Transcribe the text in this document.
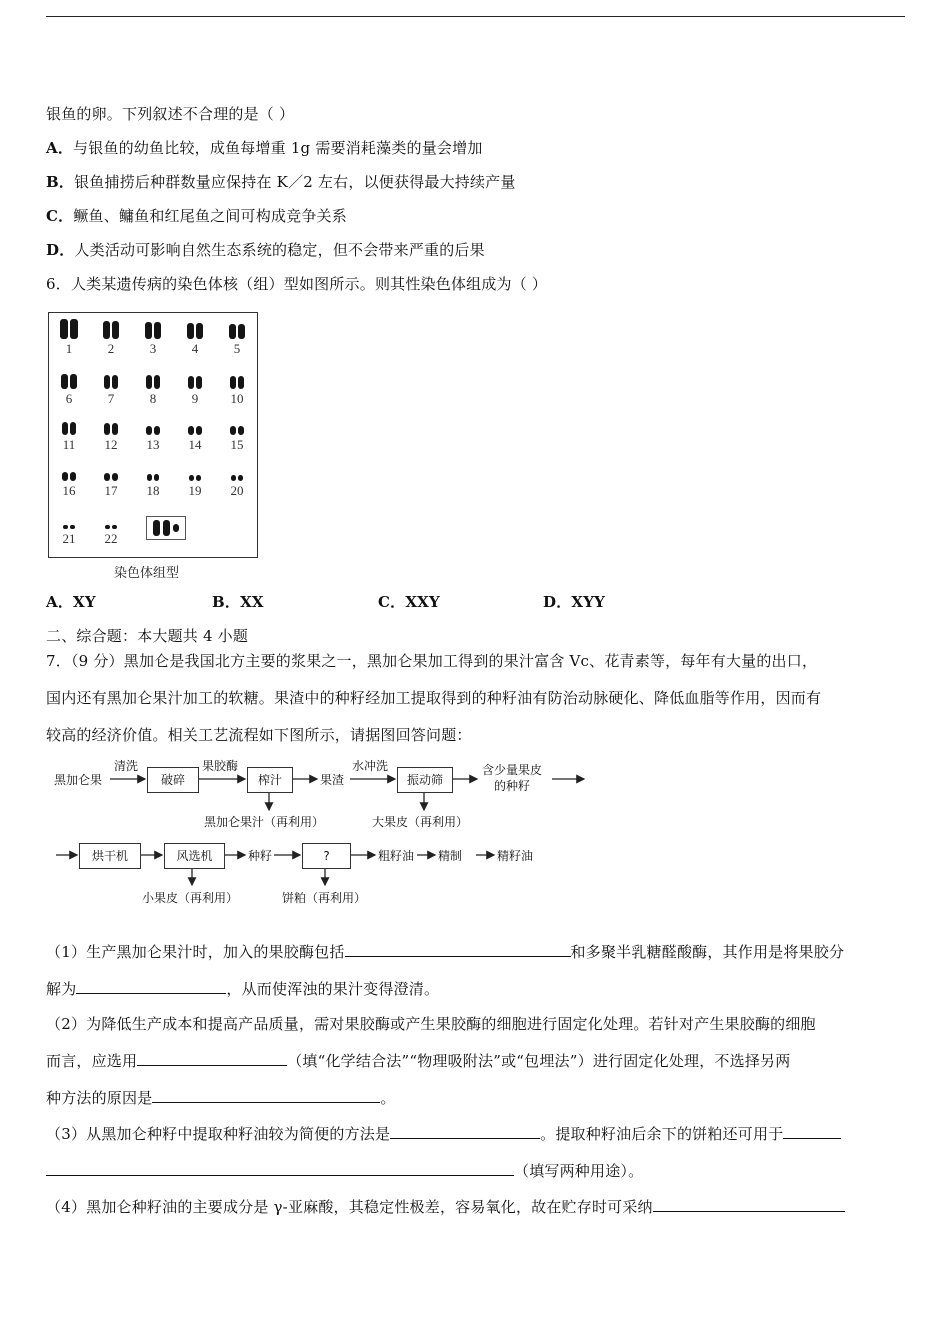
银鱼的卵。下列叙述不合理的是（ ）
A．与银鱼的幼鱼比较，成鱼每增重 1g 需要消耗藻类的量会增加
B．银鱼捕捞后种群数量应保持在 K／2 左右，以便获得最大持续产量
C．鳜鱼、鳙鱼和红尾鱼之间可构成竞争关系
D．人类活动可影响自然生态系统的稳定，但不会带来严重的后果
6．人类某遗传病的染色体核（组）型如图所示。则其性染色体组成为（ ）
1	2	3	4	5
6	7	8	9	10
11	12	13	14	15
16	17	18	19	20
21	22
染色体组型
A．XY	B．XX	C．XXY	D．XYY
二、综合题：本大题共 4 小题
7．（9 分）黑加仑是我国北方主要的浆果之一，黑加仑果加工得到的果汁富含 Vc、花青素等，每年有大量的出口，
国内还有黑加仑果汁加工的软糖。果渣中的种籽经加工提取得到的种籽油有防治动脉硬化、降低血脂等作用，因而有
较高的经济价值。相关工艺流程如下图所示，请据图回答问题：
黑加仑果
清洗
破碎
果胶酶
榨汁	果渣
水冲洗
振动筛
含少量果皮
的种籽
黑加仑果汁（再利用）	大果皮（再利用）
烘干机	风选机	种籽	?	粗籽油 精制	精籽油
小果皮（再利用）	饼粕（再利用）
（1）生产黑加仑果汁时，加入的果胶酶包括	和多聚半乳糖醛酸酶，其作用是将果胶分
解为	，从而使浑浊的果汁变得澄清。
（2）为降低生产成本和提高产品质量，需对果胶酶或产生果胶酶的细胞进行固定化处理。若针对产生果胶酶的细胞
而言，应选用	（填“化学结合法”“物理吸附法”或“包埋法”）进行固定化处理，不选择另两
种方法的原因是	。
（3）从黑加仑种籽中提取种籽油较为简便的方法是	。提取种籽油后余下的饼粕还可用于
（填写两种用途）。
（4）黑加仑种籽油的主要成分是 γ-亚麻酸，其稳定性极差，容易氧化，故在贮存时可采纳
